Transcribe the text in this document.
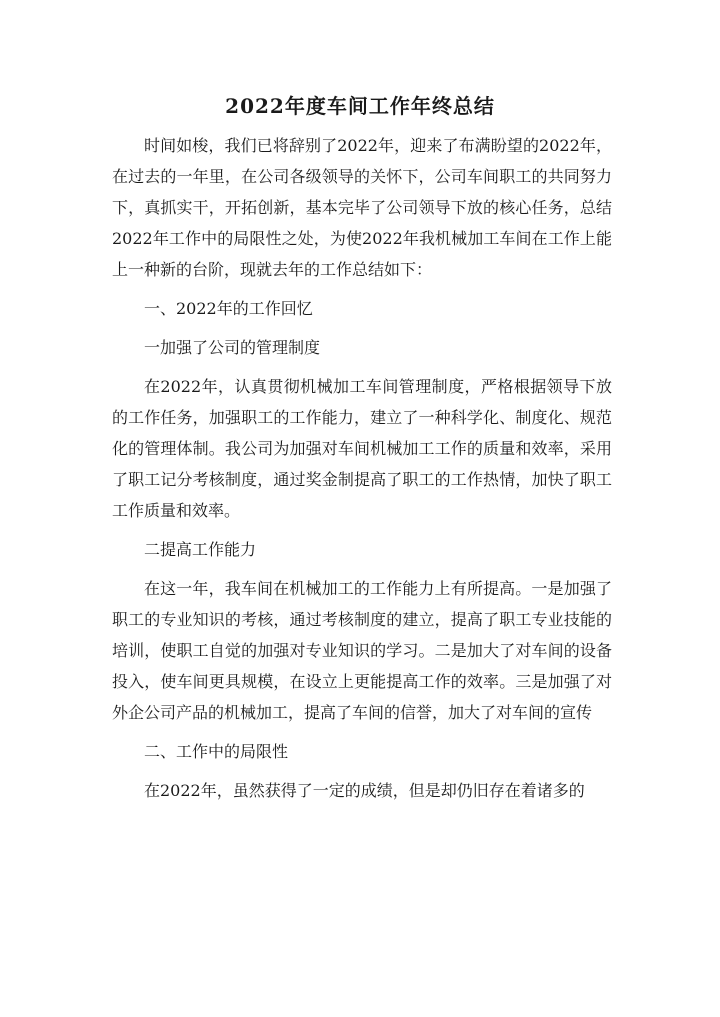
2022年度车间工作年终总结

时间如梭，我们已将辞别了2022年，迎来了布满盼望的2022年，在过去的一年里，在公司各级领导的关怀下，公司车间职工的共同努力下，真抓实干，开拓创新，基本完毕了公司领导下放的核心任务，总结2022年工作中的局限性之处，为使2022年我机械加工车间在工作上能上一种新的台阶，现就去年的工作总结如下：

一、2022年的工作回忆

一加强了公司的管理制度

在2022年，认真贯彻机械加工车间管理制度，严格根据领导下放的工作任务，加强职工的工作能力，建立了一种科学化、制度化、规范化的管理体制。我公司为加强对车间机械加工工作的质量和效率，采用了职工记分考核制度，通过奖金制提高了职工的工作热情，加快了职工工作质量和效率。

二提高工作能力

在这一年，我车间在机械加工的工作能力上有所提高。一是加强了职工的专业知识的考核，通过考核制度的建立，提高了职工专业技能的培训，使职工自觉的加强对专业知识的学习。二是加大了对车间的设备投入，使车间更具规模，在设立上更能提高工作的效率。三是加强了对外企公司产品的机械加工，提高了车间的信誉，加大了对车间的宣传

二、工作中的局限性

在2022年，虽然获得了一定的成绩，但是却仍旧存在着诸多的
